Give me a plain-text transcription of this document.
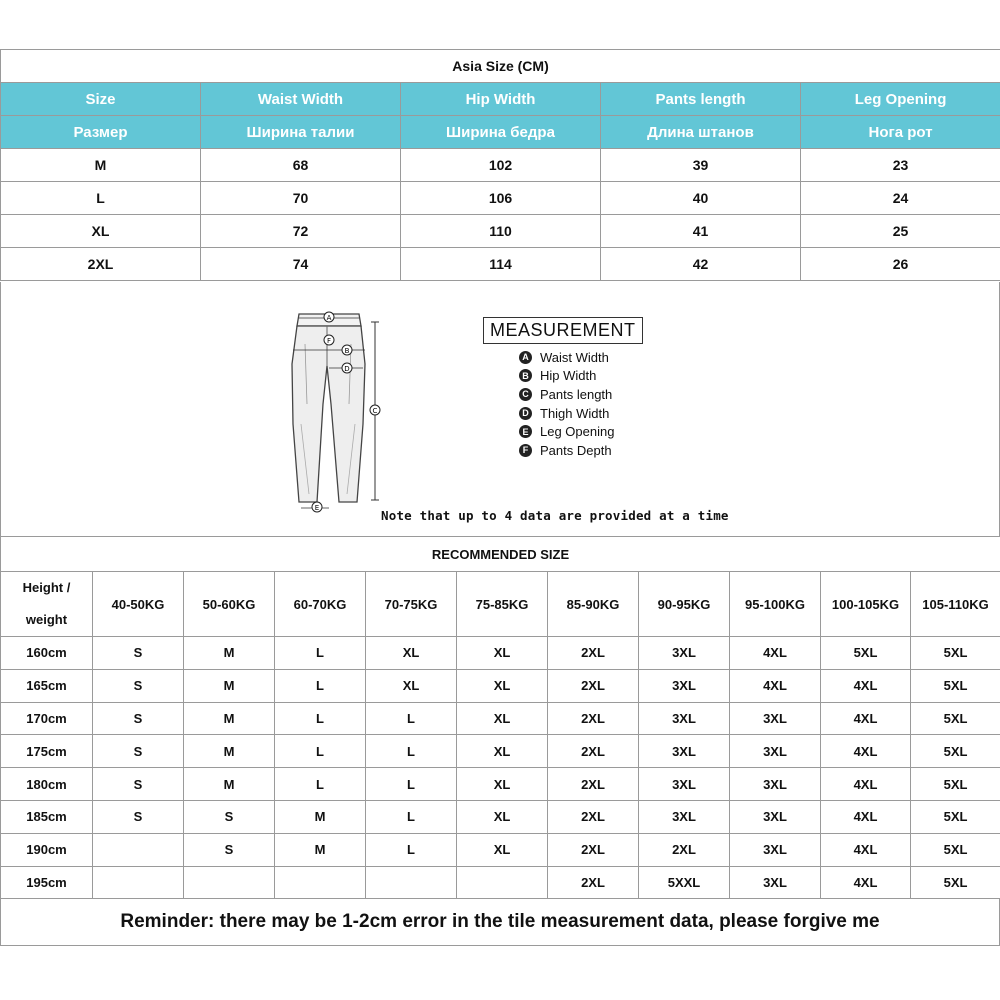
Asia Size (CM)				
Size	Waist Width	Hip Width	Pants length	Leg Opening
Размер	Ширина талии	Ширина бедра	Длина штанов	Нога рот
M	68	102	39	23
L	70	106	40	24
XL	72	110	41	25
2XL	74	114	42	26
A
F
B
D
C
E
MEASUREMENT
A Waist Width
B Hip Width
C Pants length
D Thigh Width
E Leg Opening
F Pants Depth
Note that up to 4 data are provided at a time
RECOMMENDED SIZE										
Height / weight	40-50KG	50-60KG	60-70KG	70-75KG	75-85KG	85-90KG	90-95KG	95-100KG	100-105KG	105-110KG
160cm	S	M	L	XL	XL	2XL	3XL	4XL	5XL	5XL
165cm	S	M	L	XL	XL	2XL	3XL	4XL	4XL	5XL
170cm	S	M	L	L	XL	2XL	3XL	3XL	4XL	5XL
175cm	S	M	L	L	XL	2XL	3XL	3XL	4XL	5XL
180cm	S	M	L	L	XL	2XL	3XL	3XL	4XL	5XL
185cm	S	S	M	L	XL	2XL	3XL	3XL	4XL	5XL
190cm		S	M	L	XL	2XL	2XL	3XL	4XL	5XL
195cm						2XL	5XXL	3XL	4XL	5XL
Reminder: there may be 1-2cm error in the tile measurement data, please forgive me
